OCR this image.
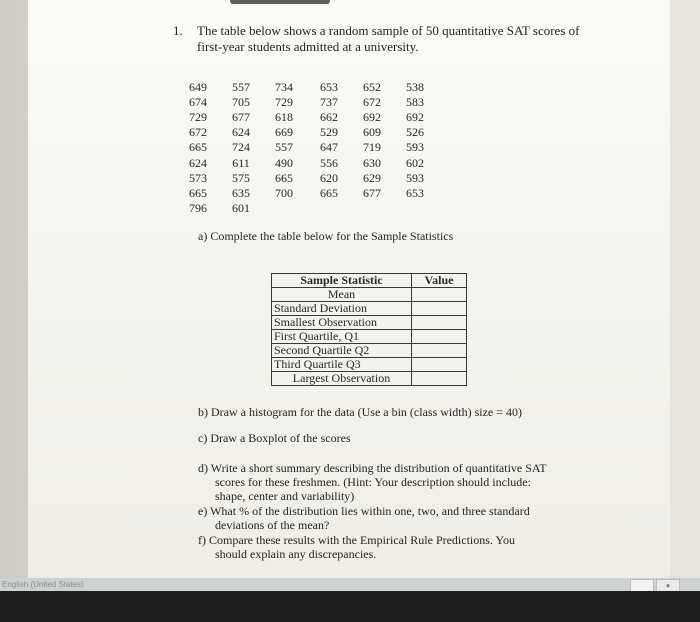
1. The table below shows a random sample of 50 quantitative SAT scores of
first-year students admitted at a university.
649	557	734	653	652	538
674	705	729	737	672	583
729	677	618	662	692	692
672	624	669	529	609	526
665	724	557	647	719	593
624	611	490	556	630	602
573	575	665	620	629	593
665	635	700	665	677	653
796	601
a) Complete the table below for the Sample Statistics
Sample Statistic	Value
Mean	
Standard Deviation	
Smallest Observation	
First Quartile, Q1	
Second Quartile Q2	
Third Quartile Q3	
Largest Observation	
b) Draw a histogram for the data (Use a bin (class width) size = 40)
c) Draw a Boxplot of the scores
d) Write a short summary describing the distribution of quantitative SAT
scores for these freshmen. (Hint: Your description should include:
shape, center and variability)
e) What % of the distribution lies within one, two, and three standard
deviations of the mean?
f) Compare these results with the Empirical Rule Predictions. You
should explain any discrepancies.
English (United States)	●
